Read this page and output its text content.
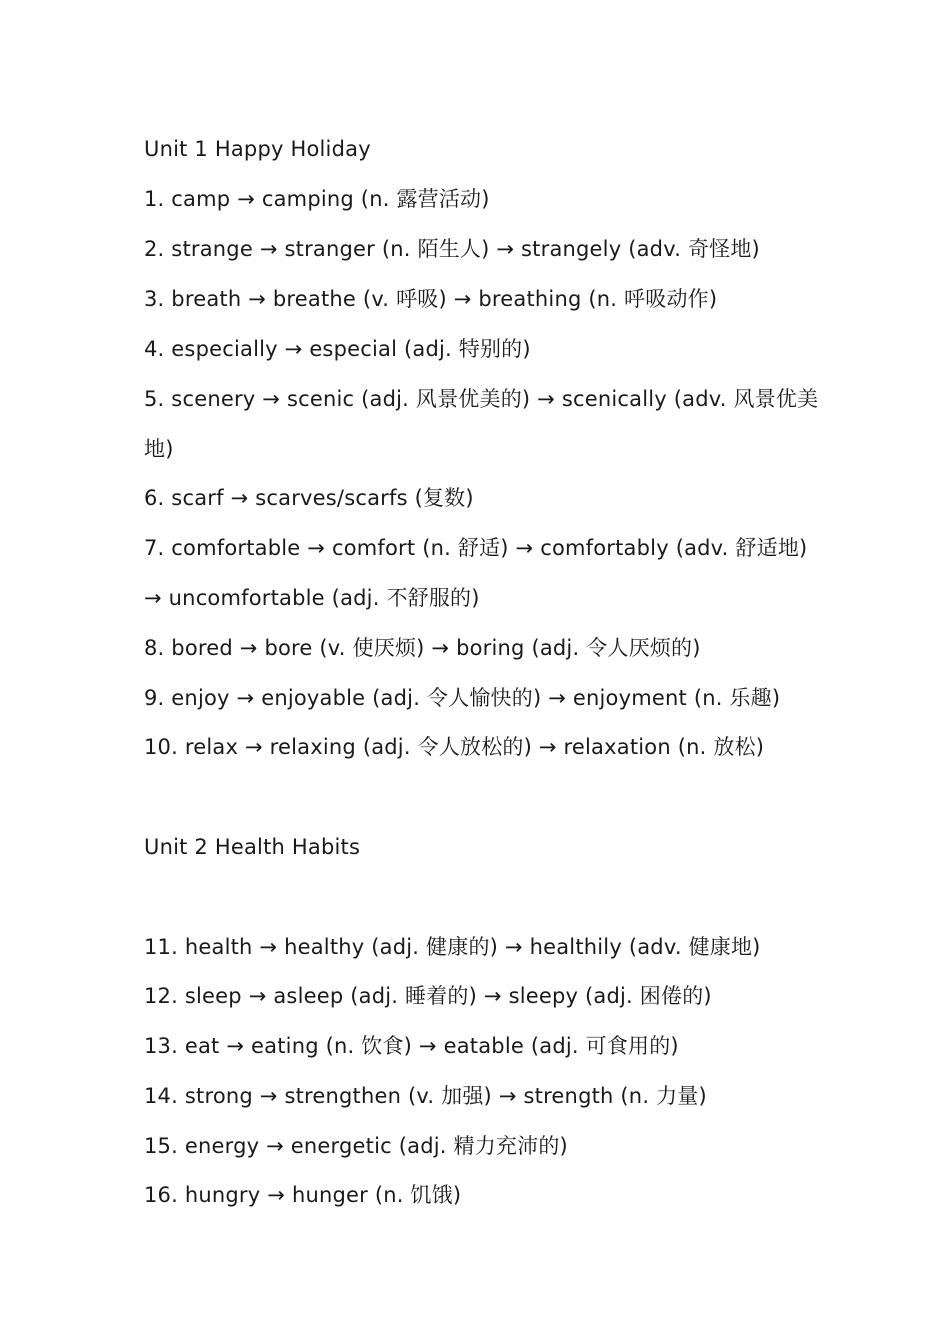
Unit 1 Happy Holiday
1. camp → camping (n. 露营活动)
2. strange → stranger (n. 陌生人) → strangely (adv. 奇怪地)
3. breath → breathe (v. 呼吸) → breathing (n. 呼吸动作)
4. especially → especial (adj. 特别的)
5. scenery → scenic (adj. 风景优美的) → scenically (adv. 风景优美
地)
6. scarf → scarves/scarfs (复数)
7. comfortable → comfort (n. 舒适) → comfortably (adv. 舒适地)
→ uncomfortable (adj. 不舒服的)
8. bored → bore (v. 使厌烦) → boring (adj. 令人厌烦的)
9. enjoy → enjoyable (adj. 令人愉快的) → enjoyment (n. 乐趣)
10. relax → relaxing (adj. 令人放松的) → relaxation (n. 放松)
Unit 2 Health Habits
11. health → healthy (adj. 健康的) → healthily (adv. 健康地)
12. sleep → asleep (adj. 睡着的) → sleepy (adj. 困倦的)
13. eat → eating (n. 饮食) → eatable (adj. 可食用的)
14. strong → strengthen (v. 加强) → strength (n. 力量)
15. energy → energetic (adj. 精力充沛的)
16. hungry → hunger (n. 饥饿)
